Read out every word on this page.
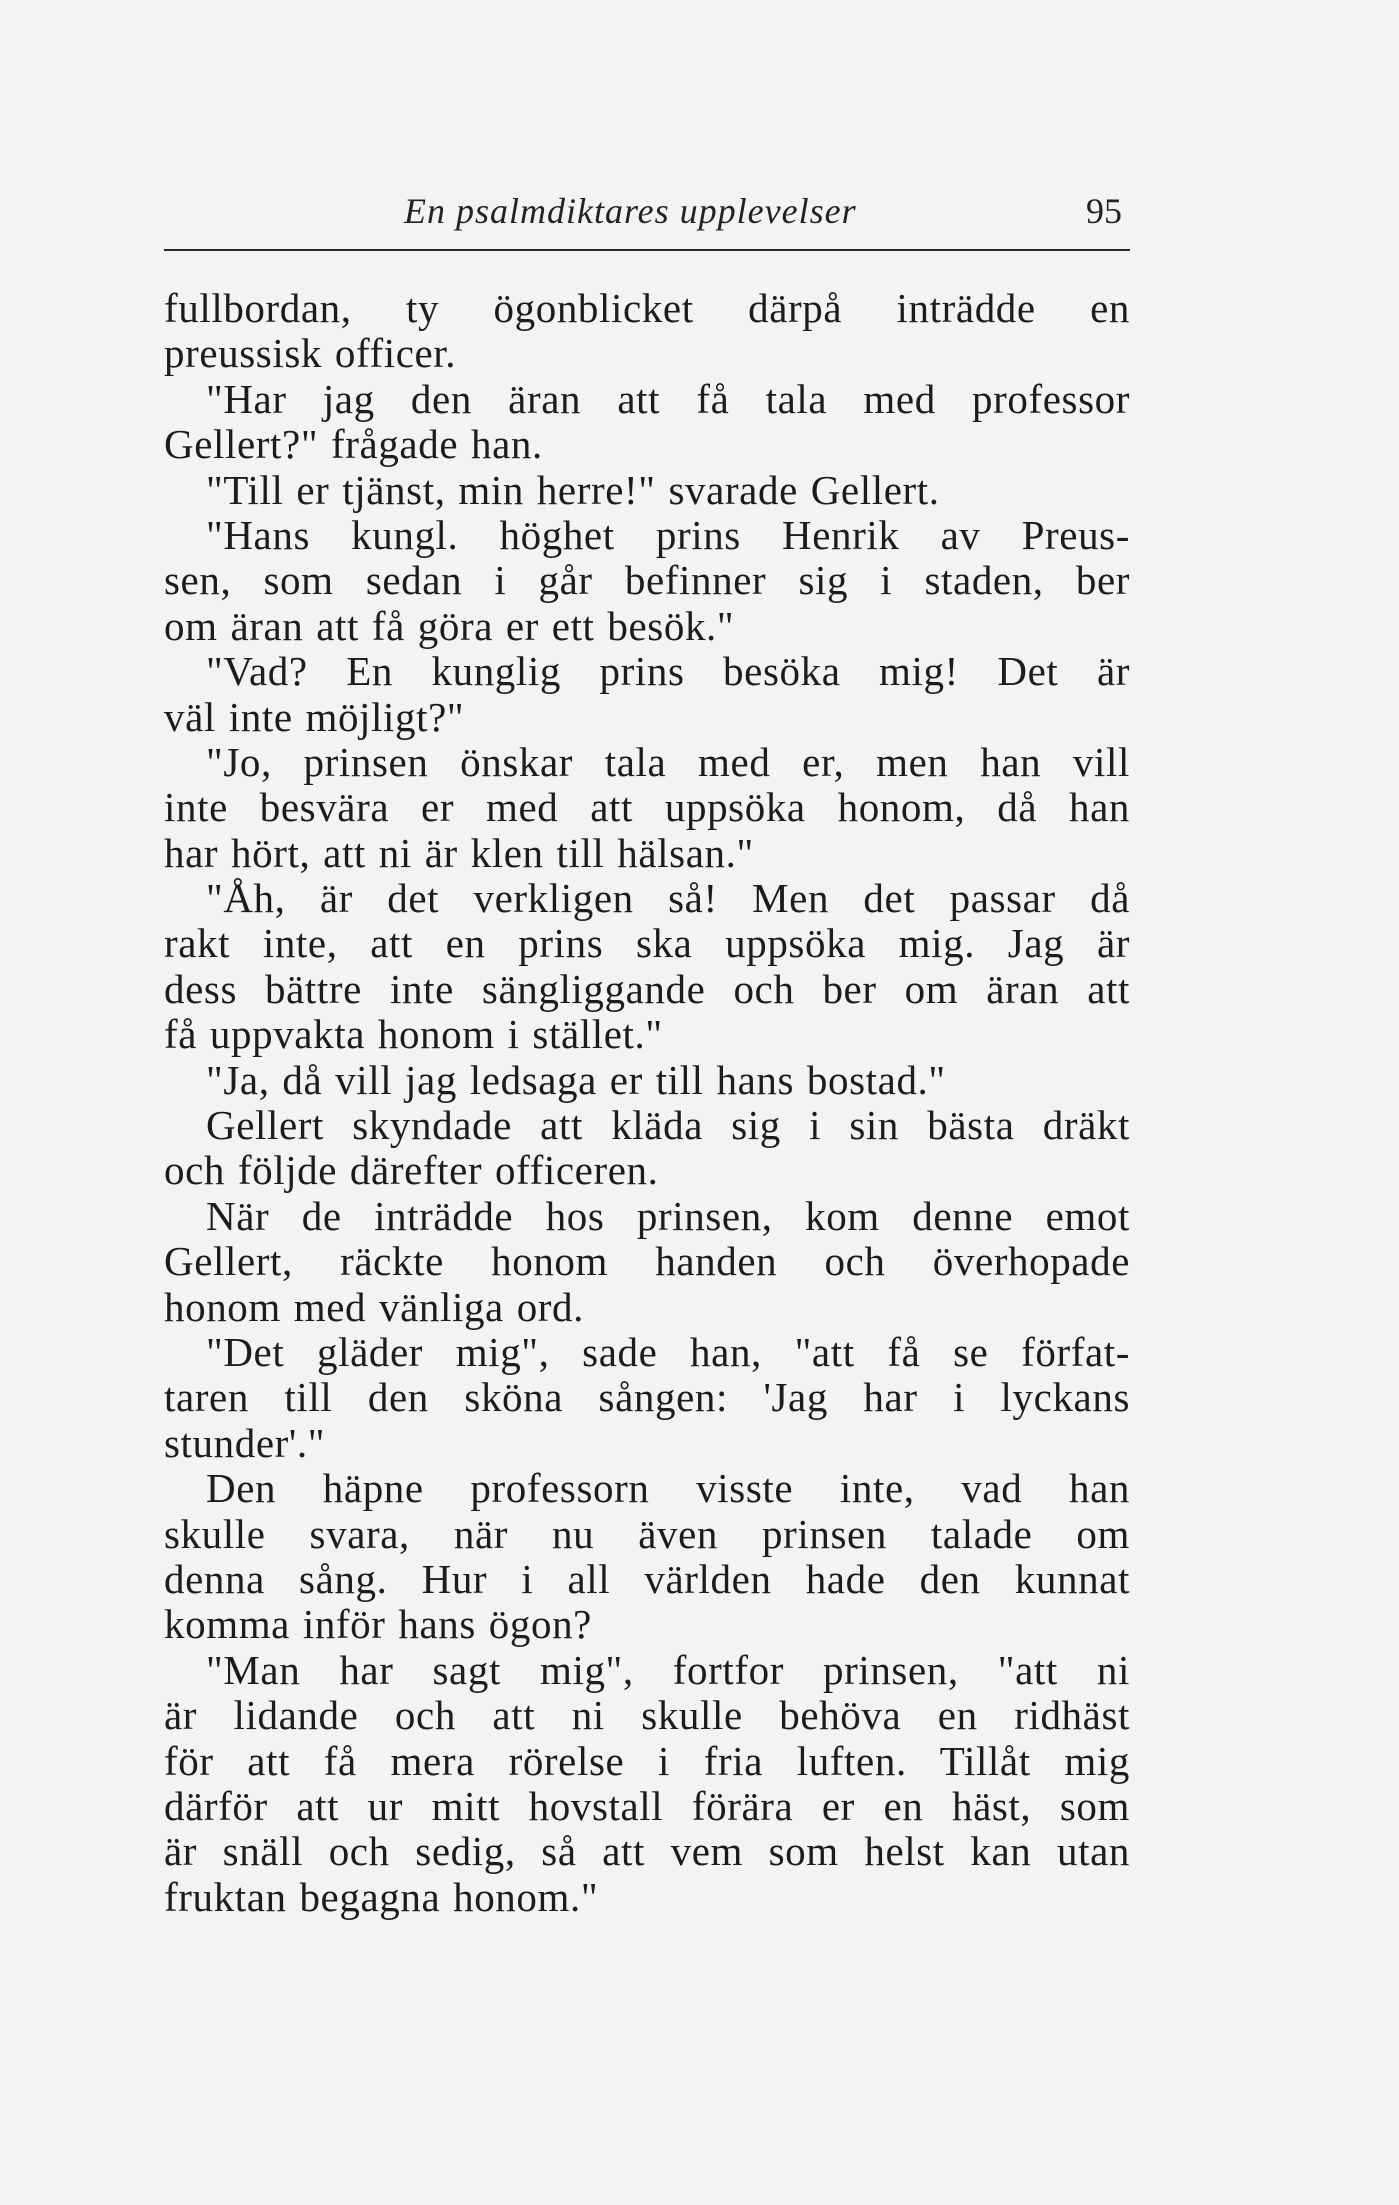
En psalmdiktares upplevelser	95
fullbordan, ty ögonblicket därpå inträdde en
preussisk officer.
"Har jag den äran att få tala med professor
Gellert?" frågade han.
"Till er tjänst, min herre!" svarade Gellert.
"Hans kungl. höghet prins Henrik av Preus-
sen, som sedan i går befinner sig i staden, ber
om äran att få göra er ett besök."
"Vad? En kunglig prins besöka mig! Det är
väl inte möjligt?"
"Jo, prinsen önskar tala med er, men han vill
inte besvära er med att uppsöka honom, då han
har hört, att ni är klen till hälsan."
"Åh, är det verkligen så! Men det passar då
rakt inte, att en prins ska uppsöka mig. Jag är
dess bättre inte sängliggande och ber om äran att
få uppvakta honom i stället."
"Ja, då vill jag ledsaga er till hans bostad."
Gellert skyndade att kläda sig i sin bästa dräkt
och följde därefter officeren.
När de inträdde hos prinsen, kom denne emot
Gellert, räckte honom handen och överhopade
honom med vänliga ord.
"Det gläder mig", sade han, "att få se förfat-
taren till den sköna sången: 'Jag har i lyckans
stunder'."
Den häpne professorn visste inte, vad han
skulle svara, när nu även prinsen talade om
denna sång. Hur i all världen hade den kunnat
komma inför hans ögon?
"Man har sagt mig", fortfor prinsen, "att ni
är lidande och att ni skulle behöva en ridhäst
för att få mera rörelse i fria luften. Tillåt mig
därför att ur mitt hovstall förära er en häst, som
är snäll och sedig, så att vem som helst kan utan
fruktan begagna honom."
